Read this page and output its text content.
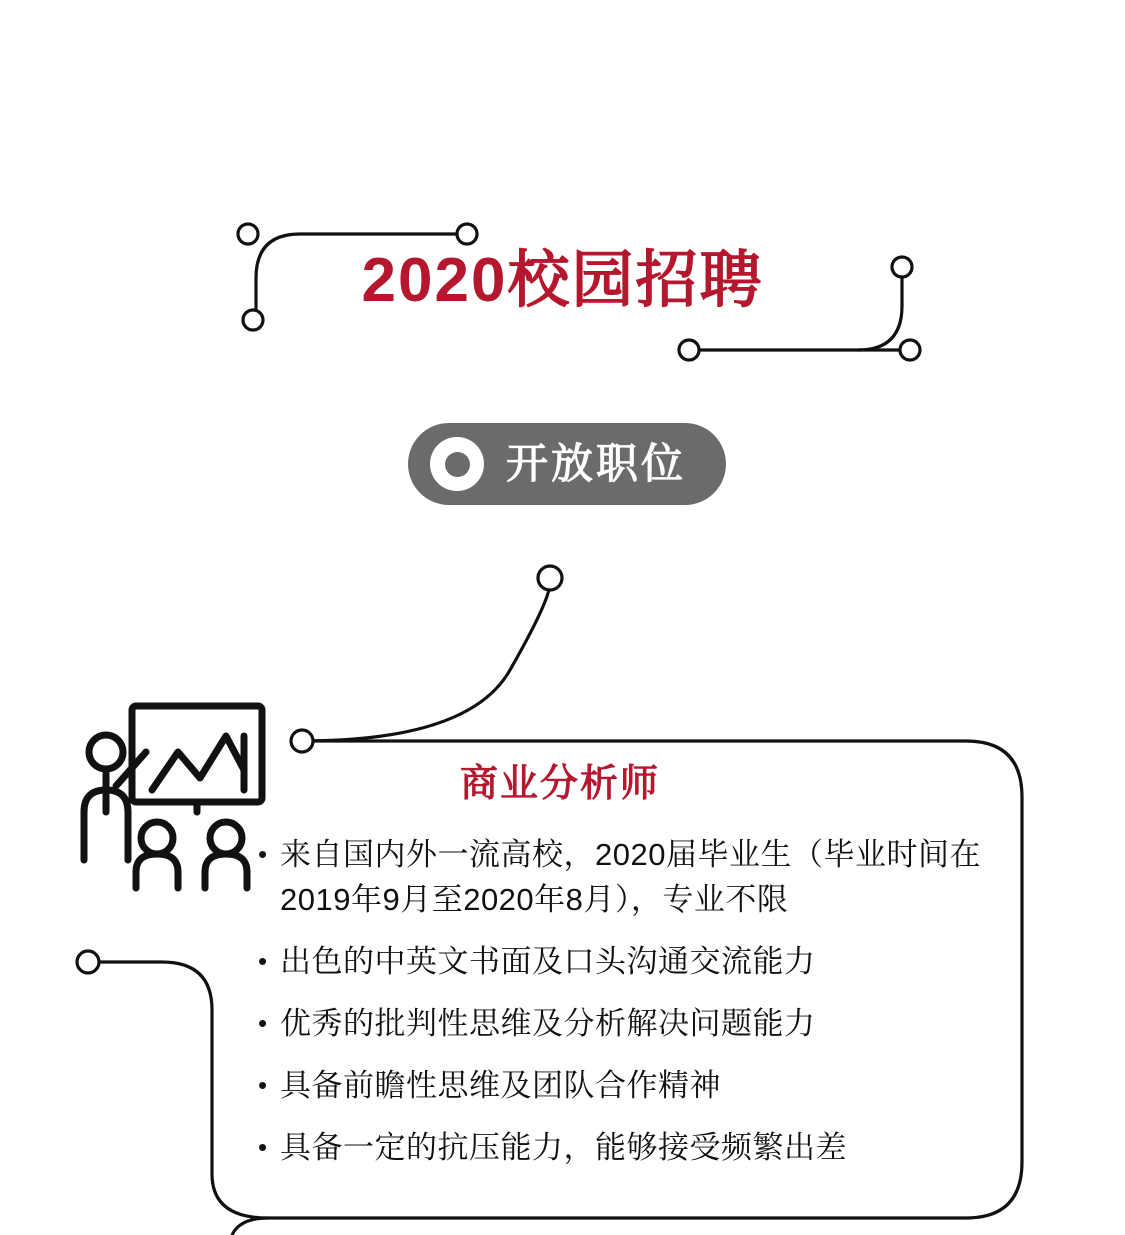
2020校园招聘
开放职位
商业分析师
• 来自国内外一流高校，2020届毕业生（毕业时间在2019年9月至2020年8月），专业不限
• 出色的中英文书面及口头沟通交流能力
• 优秀的批判性思维及分析解决问题能力
• 具备前瞻性思维及团队合作精神
• 具备一定的抗压能力，能够接受频繁出差
